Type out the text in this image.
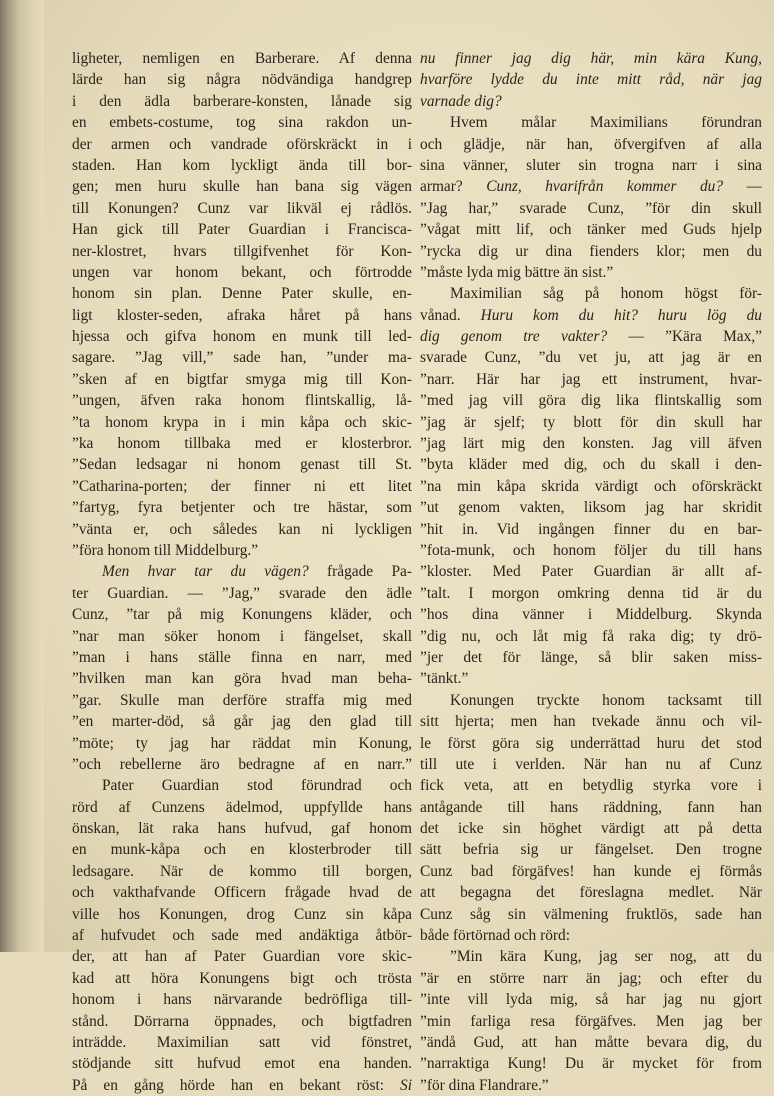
ligheter, nemligen en Barberare. Af denna
lärde han sig några nödvändiga handgrep
i den ädla barberare-konsten, lånade sig
en embets-costume, tog sina rakdon un-
der armen och vandrade oförskräckt in i
staden. Han kom lyckligt ända till bor-
gen; men huru skulle han bana sig vägen
till Konungen? Cunz var likväl ej rådlös.
Han gick till Pater Guardian i Francisca-
ner-klostret, hvars tillgifvenhet för Kon-
ungen var honom bekant, och förtrodde
honom sin plan. Denne Pater skulle, en-
ligt kloster-seden, afraka håret på hans
hjessa och gifva honom en munk till led-
sagare. ”Jag vill,” sade han, ”under ma-
”sken af en bigtfar smyga mig till Kon-
”ungen, äfven raka honom flintskallig, lå-
”ta honom krypa in i min kåpa och skic-
”ka honom tillbaka med er klosterbror.
”Sedan ledsagar ni honom genast till St.
”Catharina-porten; der finner ni ett litet
”fartyg, fyra betjenter och tre hästar, som
”vänta er, och således kan ni lyckligen
”föra honom till Middelburg.”
Men hvar tar du vägen? frågade Pa-
ter Guardian. — ”Jag,” svarade den ädle
Cunz, ”tar på mig Konungens kläder, och
”nar man söker honom i fängelset, skall
”man i hans ställe finna en narr, med
”hvilken man kan göra hvad man beha-
”gar. Skulle man derföre straffa mig med
”en marter-död, så går jag den glad till
”möte; ty jag har räddat min Konung,
”och rebellerne äro bedragne af en narr.”
Pater Guardian stod förundrad och
rörd af Cunzens ädelmod, uppfyllde hans
önskan, lät raka hans hufvud, gaf honom
en munk-kåpa och en klosterbroder till
ledsagare. När de kommo till borgen,
och vakthafvande Officern frågade hvad de
ville hos Konungen, drog Cunz sin kåpa
af hufvudet och sade med andäktiga åtbör-
der, att han af Pater Guardian vore skic-
kad att höra Konungens bigt och trösta
honom i hans närvarande bedröfliga till-
stånd. Dörrarna öppnades, och bigtfadren
inträdde. Maximilian satt vid fönstret,
stödjande sitt hufvud emot ena handen.
På en gång hörde han en bekant röst: Si
nu finner jag dig här, min kära Kung,
hvarföre lydde du inte mitt råd, när jag
varnade dig?
Hvem målar Maximilians förundran
och glädje, när han, öfvergifven af alla
sina vänner, sluter sin trogna narr i sina
armar? Cunz, hvarifrån kommer du? —
”Jag har,” svarade Cunz, ”för din skull
”vågat mitt lif, och tänker med Guds hjelp
”rycka dig ur dina fienders klor; men du
”måste lyda mig bättre än sist.”
Maximilian såg på honom högst för-
vånad. Huru kom du hit? huru lög du
dig genom tre vakter? — ”Kära Max,”
svarade Cunz, ”du vet ju, att jag är en
”narr. Här har jag ett instrument, hvar-
”med jag vill göra dig lika flintskallig som
”jag är sjelf; ty blott för din skull har
”jag lärt mig den konsten. Jag vill äfven
”byta kläder med dig, och du skall i den-
”na min kåpa skrida värdigt och oförskräckt
”ut genom vakten, liksom jag har skridit
”hit in. Vid ingången finner du en bar-
”fota-munk, och honom följer du till hans
”kloster. Med Pater Guardian är allt af-
”talt. I morgon omkring denna tid är du
”hos dina vänner i Middelburg. Skynda
”dig nu, och låt mig få raka dig; ty drö-
”jer det för länge, så blir saken miss-
”tänkt.”
Konungen tryckte honom tacksamt till
sitt hjerta; men han tvekade ännu och vil-
le först göra sig underrättad huru det stod
till ute i verlden. När han nu af Cunz
fick veta, att en betydlig styrka vore i
antågande till hans räddning, fann han
det icke sin höghet värdigt att på detta
sätt befria sig ur fängelset. Den trogne
Cunz bad förgäfves! han kunde ej förmås
att begagna det föreslagna medlet. När
Cunz såg sin välmening fruktlös, sade han
både förtörnad och rörd:
”Min kära Kung, jag ser nog, att du
”är en större narr än jag; och efter du
”inte vill lyda mig, så har jag nu gjort
”min farliga resa förgäfves. Men jag ber
”ändå Gud, att han måtte bevara dig, du
”narraktiga Kung! Du är mycket för from
”för dina Flandrare.”
